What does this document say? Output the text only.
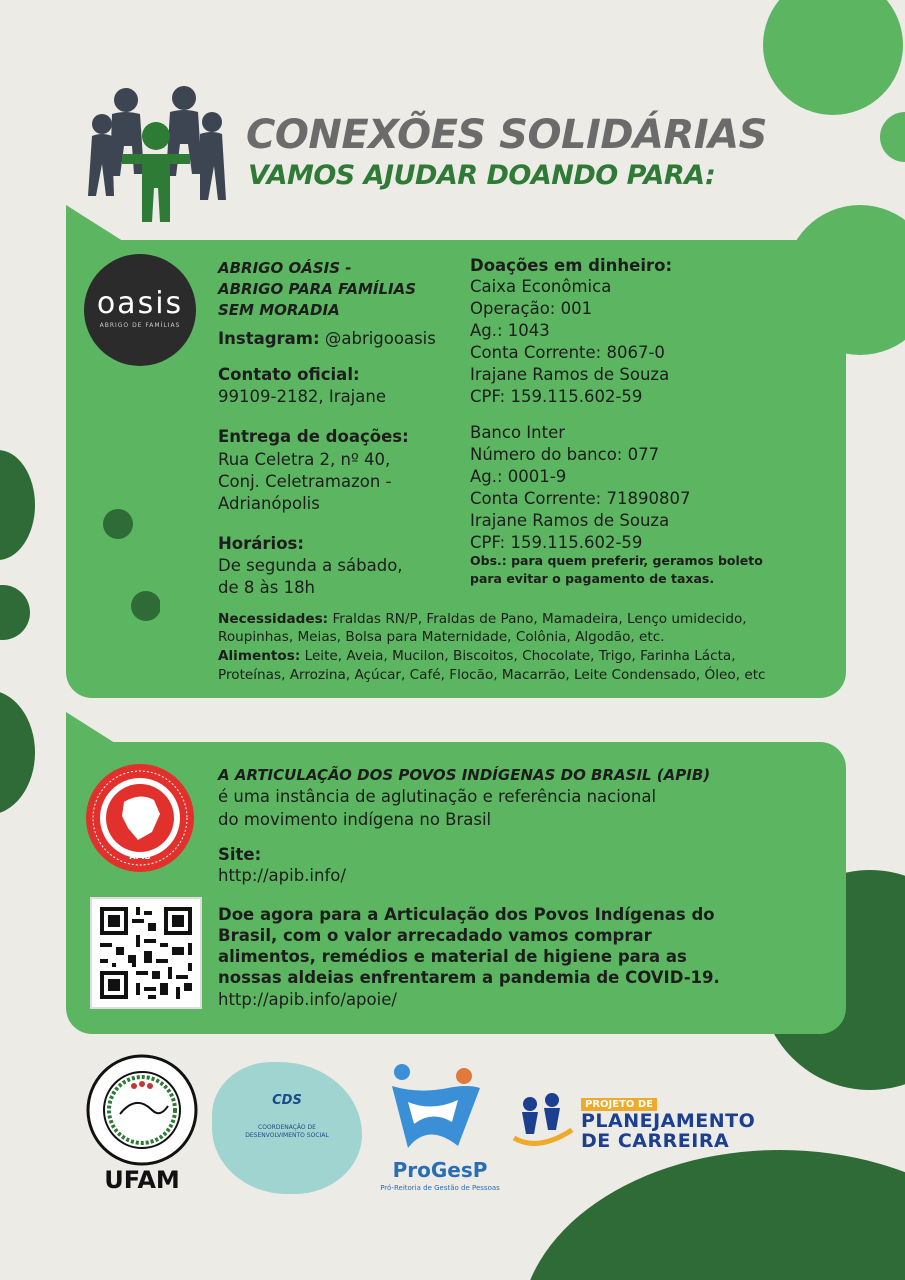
CONEXÕES SOLIDÁRIAS
VAMOS AJUDAR DOANDO PARA:
oasis
ABRIGO DE FAMÍLIAS
ABRIGO OÁSIS -
ABRIGO PARA FAMÍLIAS
SEM MORADIA
Instagram: @abrigooasis
Contato oficial:
99109-2182, Irajane
Entrega de doações:
Rua Celetra 2, nº 40,
Conj. Celetramazon -
Adrianópolis
Horários:
De segunda a sábado,
de 8 às 18h
Doações em dinheiro:
Caixa Econômica
Operação: 001
Ag.: 1043
Conta Corrente: 8067-0
Irajane Ramos de Souza
CPF: 159.115.602-59
Banco Inter
Número do banco: 077
Ag.: 0001-9
Conta Corrente: 71890807
Irajane Ramos de Souza
CPF: 159.115.602-59
Obs.: para quem preferir, geramos boleto
para evitar o pagamento de taxas.
Necessidades: Fraldas RN/P, Fraldas de Pano, Mamadeira, Lenço umidecido,
Roupinhas, Meias, Bolsa para Maternidade, Colônia, Algodão, etc.
Alimentos: Leite, Aveia, Mucilon, Biscoitos, Chocolate, Trigo, Farinha Lácta,
Proteínas, Arrozina, Açúcar, Café, Flocão, Macarrão, Leite Condensado, Óleo, etc
APIB
A ARTICULAÇÃO DOS POVOS INDÍGENAS DO BRASIL (APIB)
é uma instância de aglutinação e referência nacional
do movimento indígena no Brasil
Site:
http://apib.info/
Doe agora para a Articulação dos Povos Indígenas do
Brasil, com o valor arrecadado vamos comprar
alimentos, remédios e material de higiene para as
nossas aldeias enfrentarem a pandemia de COVID-19.
http://apib.info/apoie/
UFAM
CDS
COORDENAÇÃO DE
DESENVOLVIMENTO SOCIAL
ProGesP
Pró-Reitoria de Gestão de Pessoas
PROJETO DE
PLANEJAMENTO
DE CARREIRA
